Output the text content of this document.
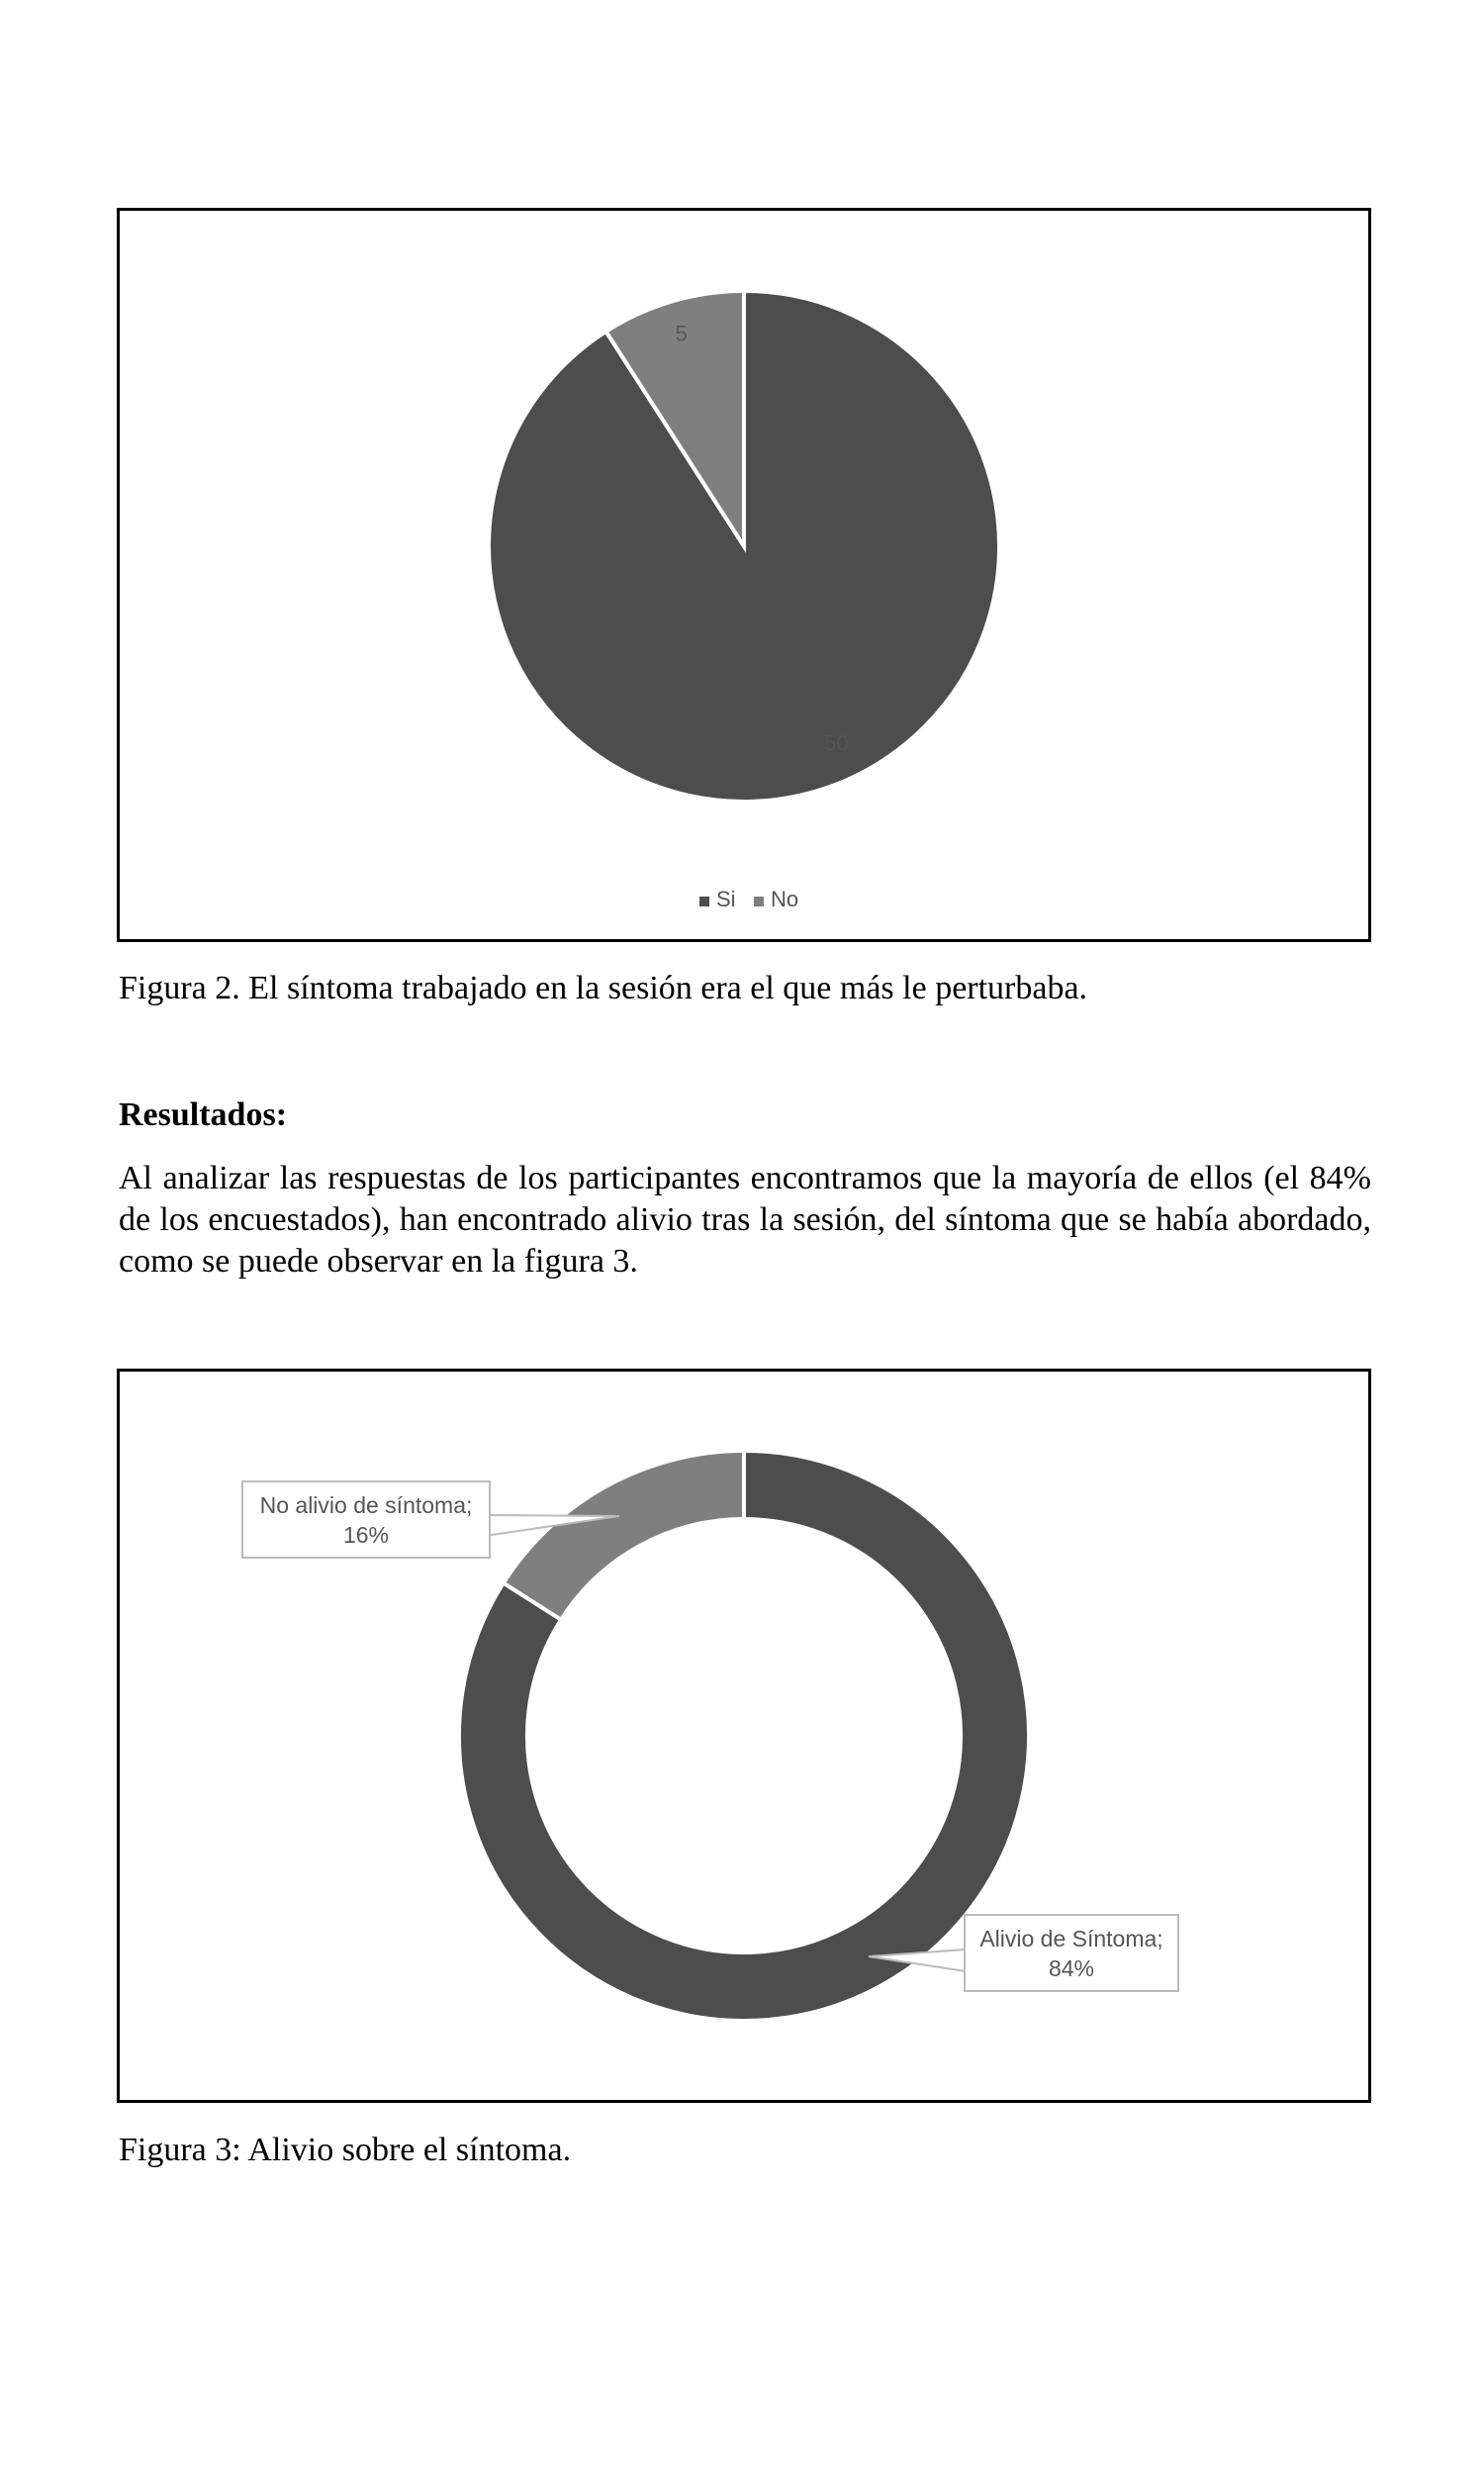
50
5
Si No
Figura 2. El síntoma trabajado en la sesión era el que más le perturbaba.
Resultados:

Al analizar las respuestas de los participantes encontramos que la mayoría de ellos (el 84% de los encuestados), han encontrado alivio tras la sesión, del síntoma que se había abordado, como se puede observar en la figura 3.

No alivio de síntoma;
16%
Alivio de Síntoma;
84%
Figura 3: Alivio sobre el síntoma.
